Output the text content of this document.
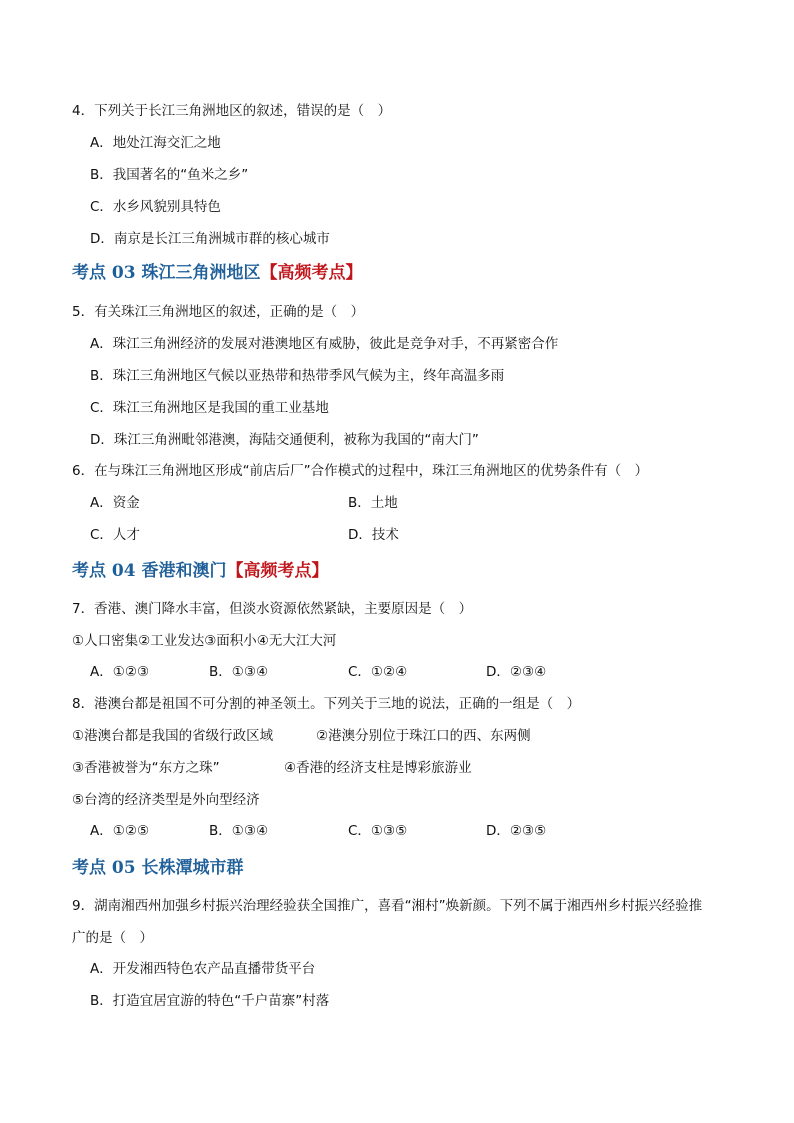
4．下列关于长江三角洲地区的叙述，错误的是（　）
A．地处江海交汇之地
B．我国著名的“鱼米之乡”
C．水乡风貌别具特色
D．南京是长江三角洲城市群的核心城市
考点 03 珠江三角洲地区【高频考点】
5．有关珠江三角洲地区的叙述，正确的是（　）
A．珠江三角洲经济的发展对港澳地区有威胁，彼此是竞争对手，不再紧密合作
B．珠江三角洲地区气候以亚热带和热带季风气候为主，终年高温多雨
C．珠江三角洲地区是我国的重工业基地
D．珠江三角洲毗邻港澳，海陆交通便利，被称为我国的“南大门”
6．在与珠江三角洲地区形成“前店后厂”合作模式的过程中，珠江三角洲地区的优势条件有（　）
A．资金	B．土地
C．人才	D．技术
考点 04 香港和澳门【高频考点】
7．香港、澳门降水丰富，但淡水资源依然紧缺，主要原因是（　）
①人口密集②工业发达③面积小④无大江大河
A．①②③	B．①③④	C．①②④	D．②③④
8．港澳台都是祖国不可分割的神圣领土。下列关于三地的说法，正确的一组是（　）
①港澳台都是我国的省级行政区域	②港澳分别位于珠江口的西、东两侧
③香港被誉为“东方之珠”	④香港的经济支柱是博彩旅游业
⑤台湾的经济类型是外向型经济
A．①②⑤	B．①③④	C．①③⑤	D．②③⑤
考点 05 长株潭城市群
9．湖南湘西州加强乡村振兴治理经验获全国推广，喜看“湘村”焕新颜。下列不属于湘西州乡村振兴经验推
广的是（　）
A．开发湘西特色农产品直播带货平台
B．打造宜居宜游的特色“千户苗寨”村落
